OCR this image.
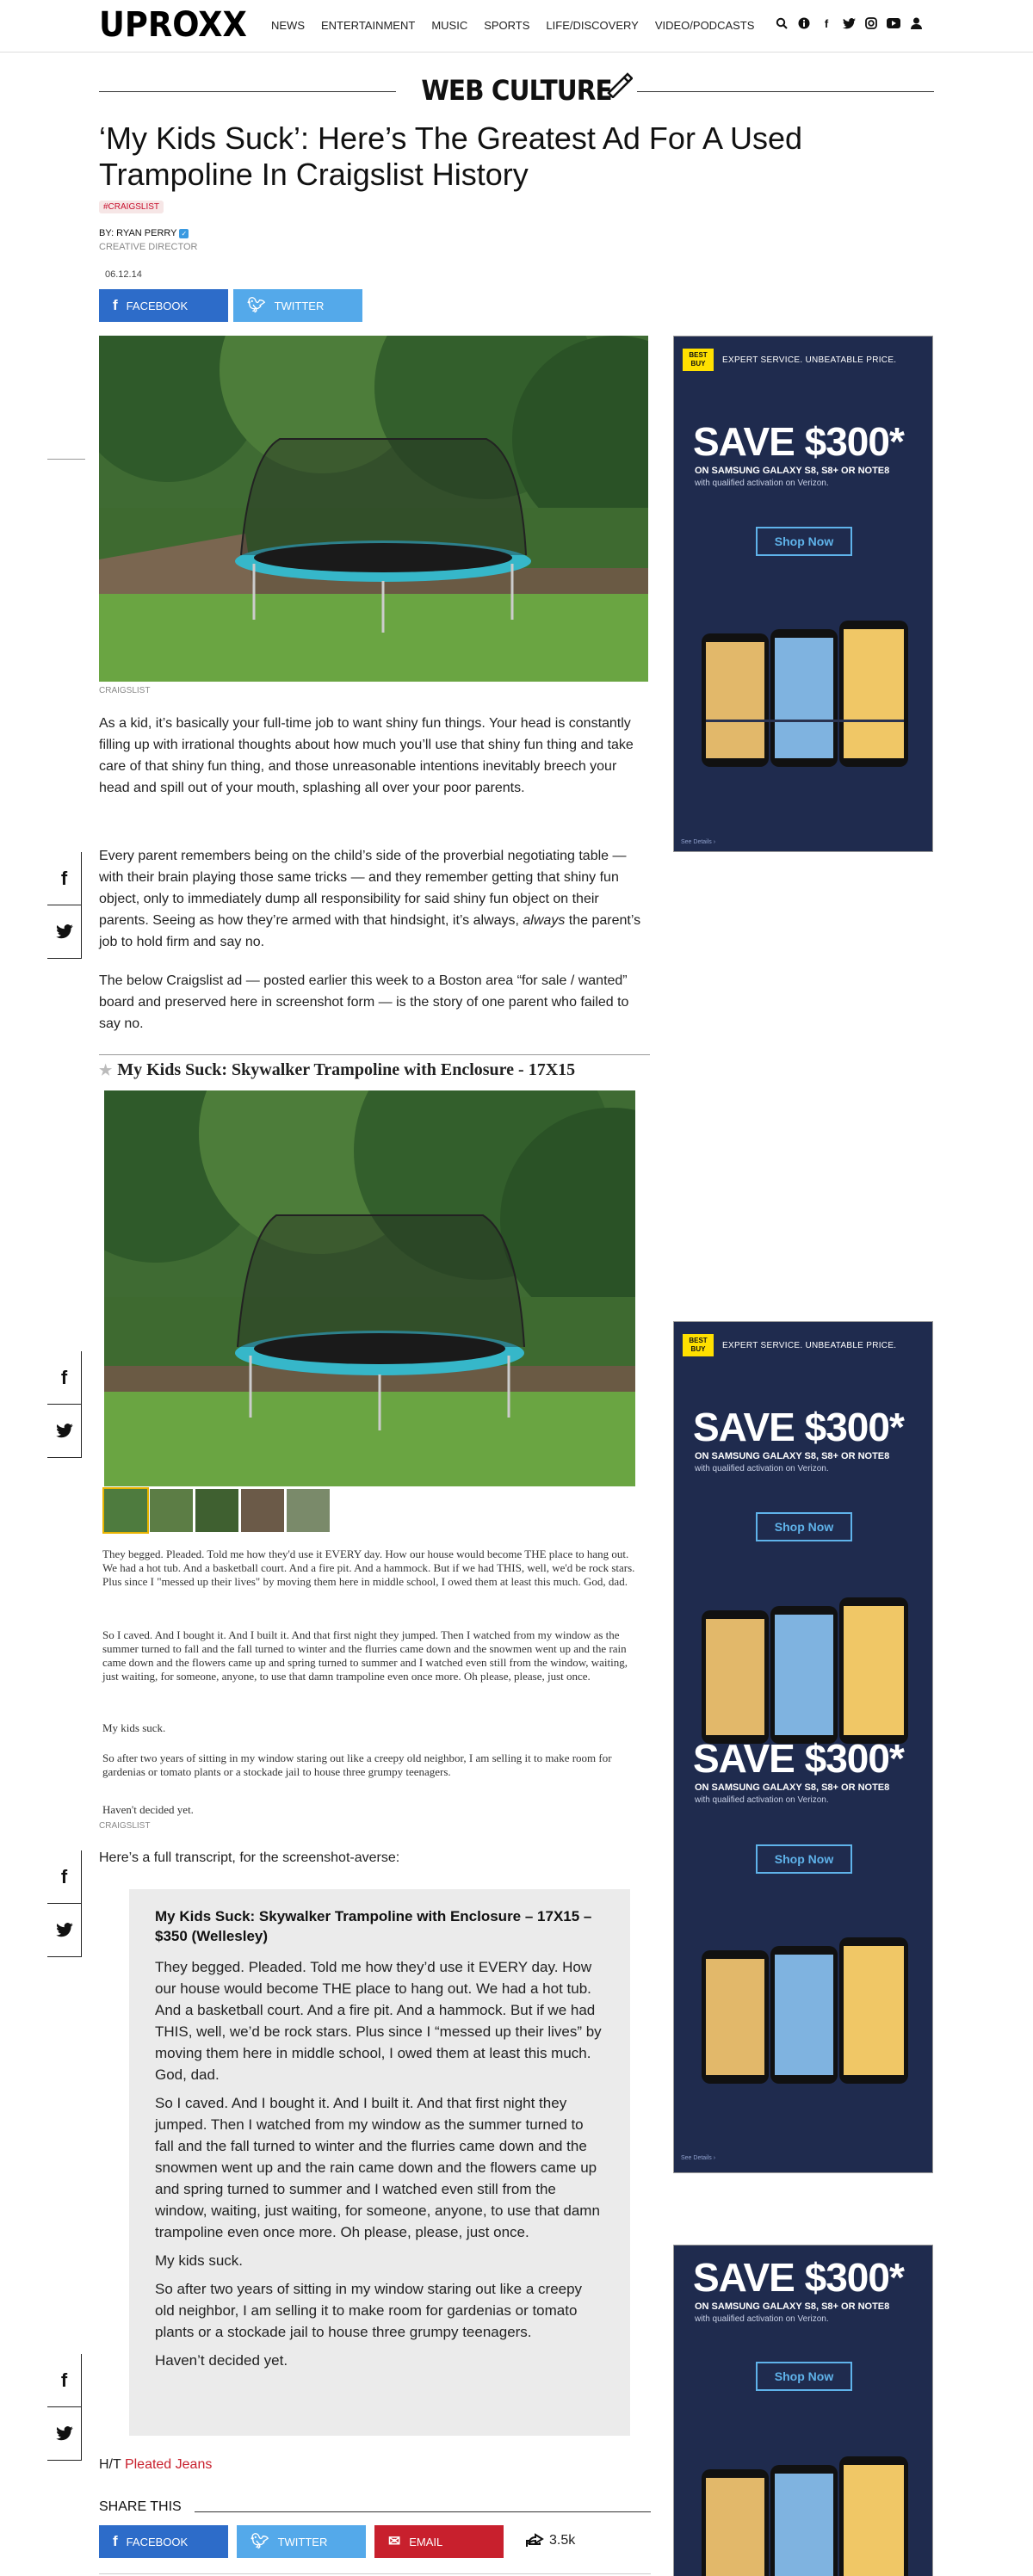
UPROXX NEWS ENTERTAINMENT MUSIC SPORTS LIFE/DISCOVERY VIDEO/PODCASTS	f
WEB CULTURE
‘My Kids Suck’: Here’s The Greatest Ad For A Used Trampoline In Craigslist History
#CRAIGSLIST
BY: RYAN PERRY ✓
CREATIVE DIRECTOR
06.12.14
f FACEBOOK	🐦︎ TWITTER
CRAIGSLIST

As a kid, it’s basically your full-time job to want shiny fun things. Your head is constantly filling up with irrational thoughts about how much you’ll use that shiny fun thing and take care of that shiny fun thing, and those unreasonable intentions inevitably breech your head and spill out of your mouth, splashing all over your poor parents.

Every parent remembers being on the child’s side of the proverbial negotiating table — with their brain playing those same tricks — and they remember getting that shiny fun object, only to immediately dump all responsibility for said shiny fun object on their parents. Seeing as how they’re armed with that hindsight, it’s always, always the parent’s job to hold firm and say no.

The below Craigslist ad — posted earlier this week to a Boston area “for sale / wanted” board and preserved here in screenshot form — is the story of one parent who failed to say no.

f
f
f
f
★ My Kids Suck: Skywalker Trampoline with Enclosure - 17X15

They begged. Pleaded. Told me how they'd use it EVERY day. How our house would become THE place to hang out. We had a hot tub. And a basketball court. And a fire pit. And a hammock. But if we had THIS, well, we'd be rock stars. Plus since I "messed up their lives" by moving them here in middle school, I owed them at least this much. God, dad.

So I caved. And I bought it. And I built it. And that first night they jumped. Then I watched from my window as the summer turned to fall and the fall turned to winter and the flurries came down and the snowmen went up and the rain came down and the flowers came up and spring turned to summer and I watched even still from the window, waiting, just waiting, for someone, anyone, to use that damn trampoline even once more. Oh please, please, just once.

My kids suck.

So after two years of sitting in my window staring out like a creepy old neighbor, I am selling it to make room for gardenias or tomato plants or a stockade jail to house three grumpy teenagers.

Haven't decided yet.

CRAIGSLIST

Here’s a full transcript, for the screenshot-averse:

My Kids Suck: Skywalker Trampoline with Enclosure – 17X15 – $350 (Wellesley)

They begged. Pleaded. Told me how they’d use it EVERY day. How our house would become THE place to hang out. We had a hot tub. And a basketball court. And a fire pit. And a hammock. But if we had THIS, well, we’d be rock stars. Plus since I “messed up their lives” by moving them here in middle school, I owed them at least this much. God, dad.

So I caved. And I bought it. And I built it. And that first night they jumped. Then I watched from my window as the summer turned to fall and the fall turned to winter and the flurries came down and the snowmen went up and the rain came down and the flowers came up and spring turned to summer and I watched even still from the window, waiting, just waiting, for someone, anyone, to use that damn trampoline even once more. Oh please, please, just once.

My kids suck.

So after two years of sitting in my window staring out like a creepy old neighbor, I am selling it to make room for gardenias or tomato plants or a stockade jail to house three grumpy teenagers.

Haven’t decided yet.

H/T Pleated Jeans
SHARE THIS
f FACEBOOK	🐦︎ TWITTER	✉ EMAIL	3.5k
BEST BUY	EXPERT SERVICE. UNBEATABLE PRICE.
SAVE $300*
ON SAMSUNG GALAXY S8, S8+ OR NOTE8
with qualified activation on Verizon.
Shop Now
See Details ›
BEST BUY	EXPERT SERVICE. UNBEATABLE PRICE.
SAVE $300*
ON SAMSUNG GALAXY S8, S8+ OR NOTE8
with qualified activation on Verizon.
Shop Now
SAVE $300*
ON SAMSUNG GALAXY S8, S8+ OR NOTE8
with qualified activation on Verizon.
Shop Now
See Details ›
SAVE $300*
ON SAMSUNG GALAXY S8, S8+ OR NOTE8
with qualified activation on Verizon.
Shop Now
